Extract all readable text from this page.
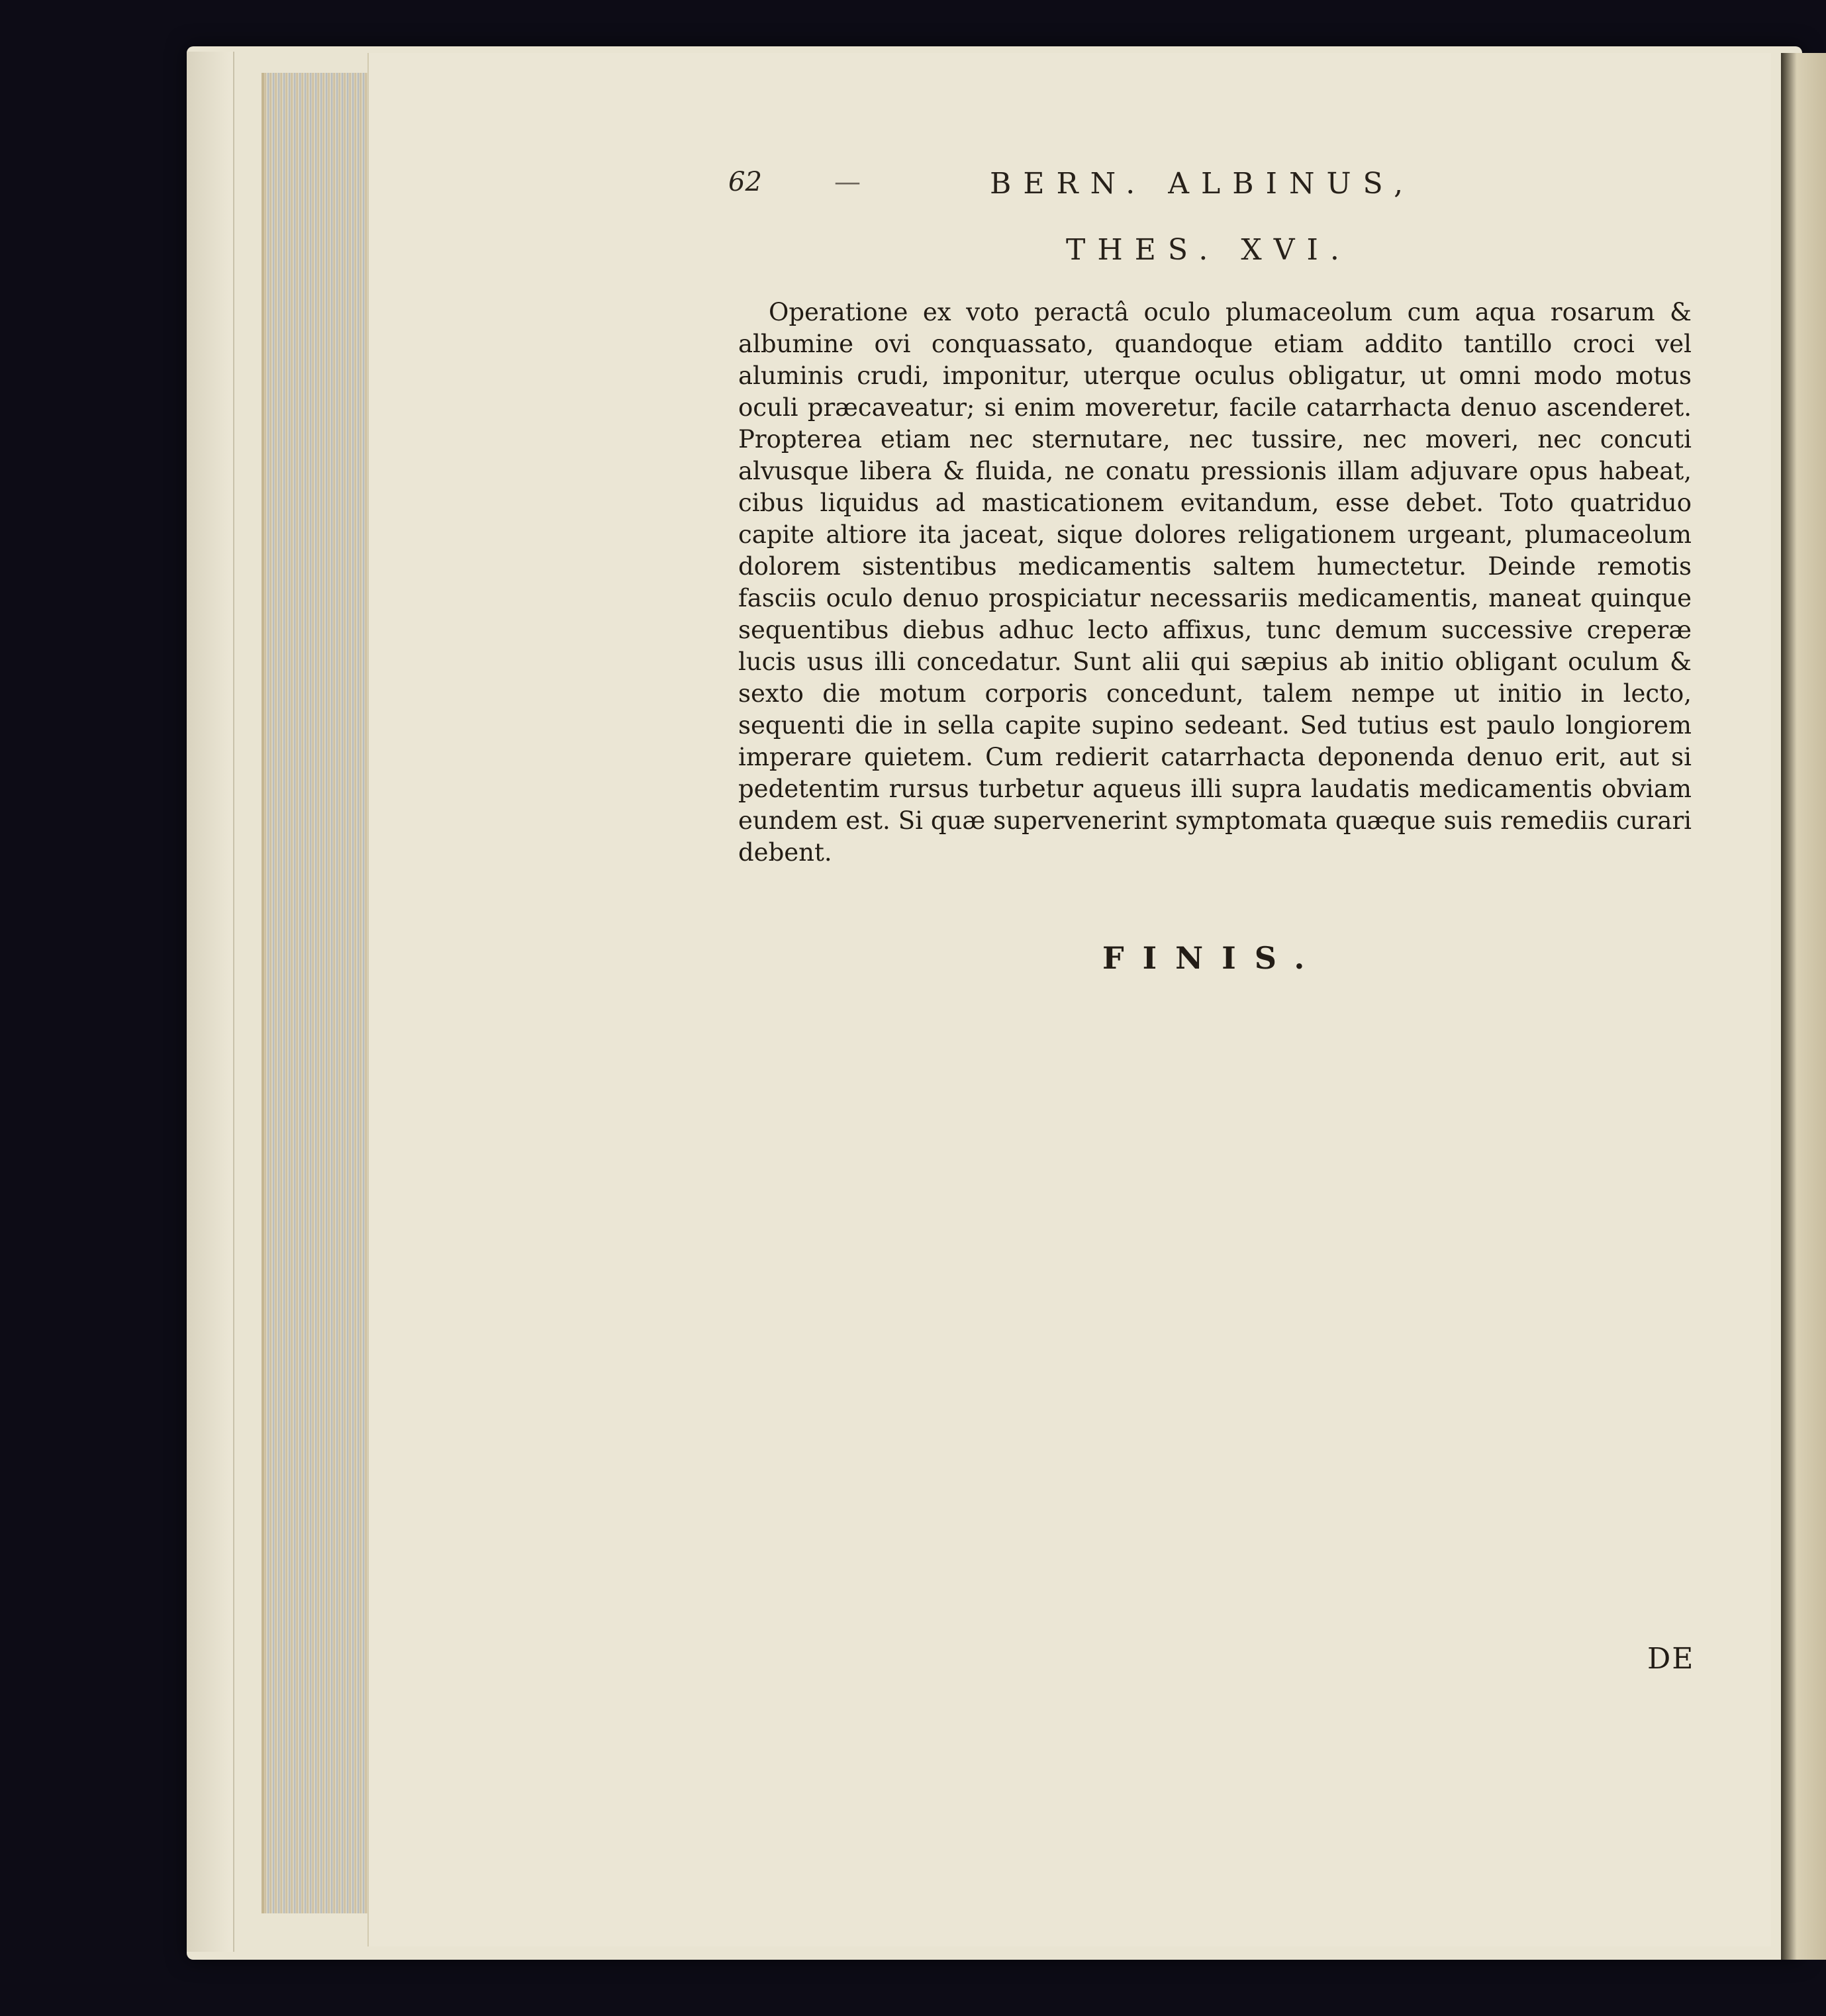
62	—	BERN. ALBINUS,
THES. XVI.
Operatione ex voto peractâ oculo plumaceolum cum aqua rosarum & albumine ovi conquassato, quandoque etiam addito tantillo croci vel aluminis crudi, imponitur, uterque oculus obligatur, ut omni modo motus oculi præcaveatur; si enim moveretur, facile catarrhacta denuo ascenderet. Propterea etiam nec sternutare, nec tussire, nec moveri, nec concuti alvusque libera & fluida, ne conatu pressionis illam adjuvare opus habeat, cibus liquidus ad masticationem evitandum, esse debet. Toto quatriduo capite altiore ita jaceat, sique dolores religationem urgeant, plumaceolum dolorem sistentibus medicamentis saltem humectetur. Deinde remotis fasciis oculo denuo prospiciatur necessariis medicamentis, maneat quinque sequentibus diebus adhuc lecto affixus, tunc demum successive creperæ lucis usus illi concedatur. Sunt alii qui sæpius ab initio obligant oculum & sexto die motum corporis concedunt, talem nempe ut initio in lecto, sequenti die in sella capite supino sedeant. Sed tutius est paulo longiorem imperare quietem. Cum redierit catarrhacta deponenda denuo erit, aut si pedetentim rursus turbetur aqueus illi supra laudatis medicamentis obviam eundem est. Si quæ supervenerint symptomata quæque suis remediis curari debent.
FINIS.
DE
